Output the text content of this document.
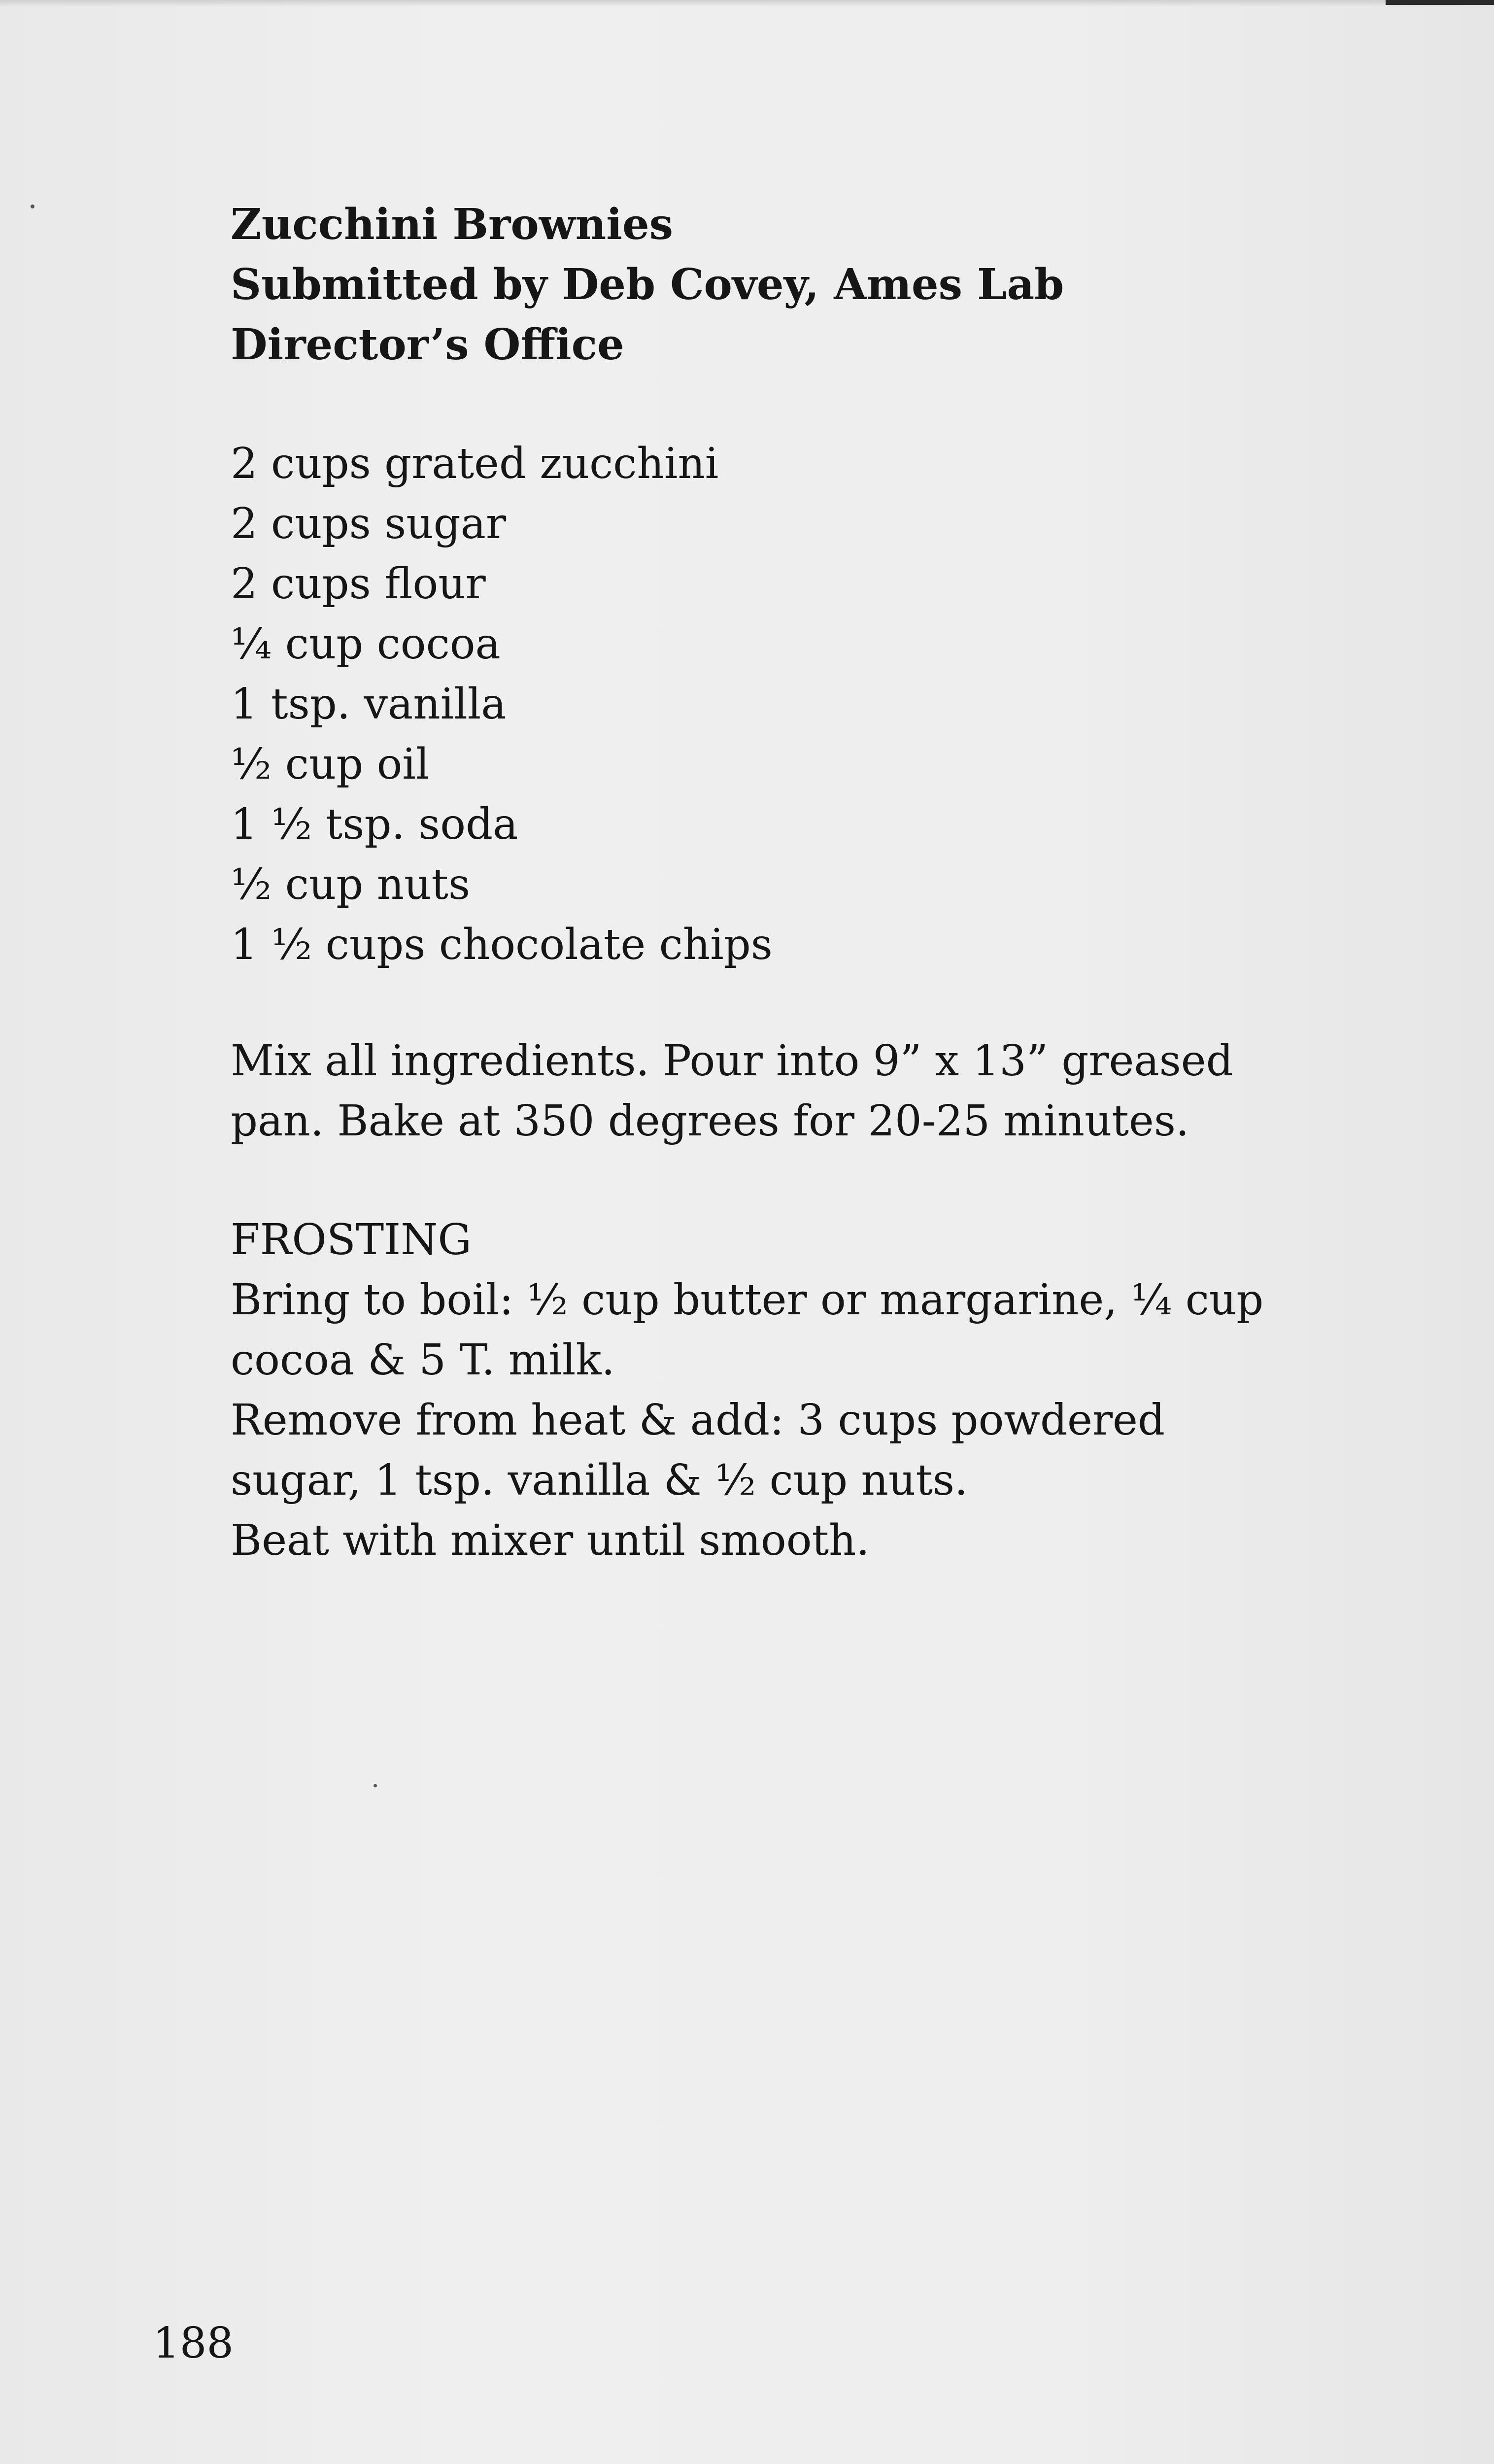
Zucchini Brownies
Submitted by Deb Covey, Ames Lab
Director’s Office
2 cups grated zucchini
2 cups sugar
2 cups flour
¼ cup cocoa
1 tsp. vanilla
½ cup oil
1 ½ tsp. soda
½ cup nuts
1 ½ cups chocolate chips
Mix all ingredients. Pour into 9” x 13” greased
pan. Bake at 350 degrees for 20-25 minutes.
FROSTING
Bring to boil: ½ cup butter or margarine, ¼ cup
cocoa & 5 T. milk.
Remove from heat & add: 3 cups powdered
sugar, 1 tsp. vanilla & ½ cup nuts.
Beat with mixer until smooth.
188
